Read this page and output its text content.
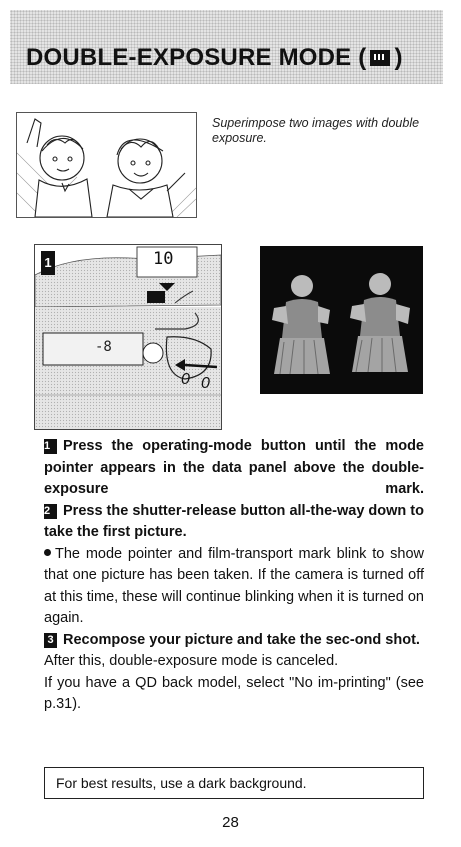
DOUBLE-EXPOSURE MODE ( )
Superimpose two images with double exposure.
1	10
-8
0 0

1 Press the operating-mode button until the mode pointer appears in the data panel above the double-exposure mark.

2 Press the shutter-release button all-the-way down to take the first picture.

The mode pointer and film-transport mark blink to show that one picture has been taken. If the camera is turned off at this time, these will continue blinking when it is turned on again.

3 Recompose your picture and take the sec-ond shot.

After this, double-exposure mode is canceled.

If you have a QD back model, select "No im-printing" (see p.31).

For best results, use a dark background.
28
